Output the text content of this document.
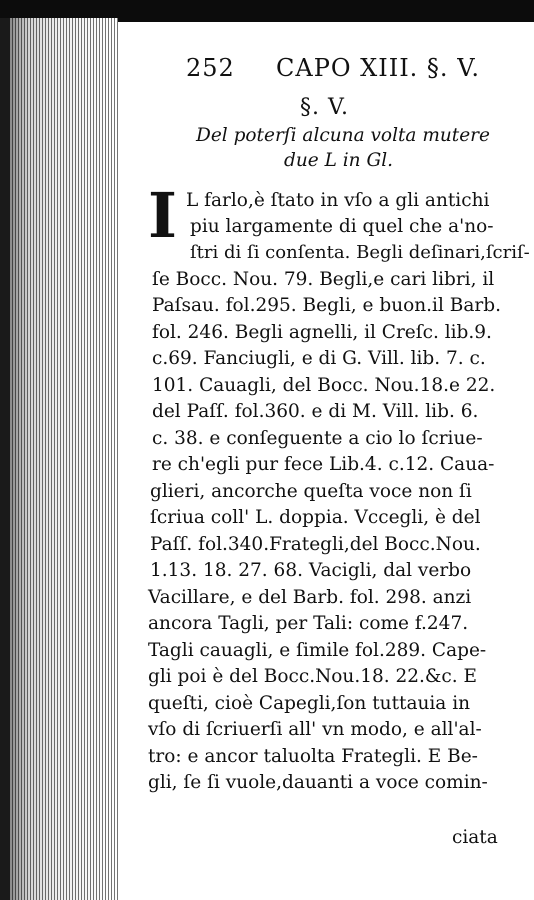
252 CAPO XIII. §. V.
§. V.
Del poterſi alcuna volta mutere
due L in Gl.
I L farlo,è ſtato in vſo a gli antichi
piu largamente di quel che a'no-
ſtri di ſi conſenta. Begli deſinari,ſcriſ-
ſe Bocc. Nou. 79. Begli,e cari libri, il
Paſsau. fol.295. Begli, e buon.il Barb.
fol. 246. Begli agnelli, il Creſc. lib.9.
c.69. Fanciugli, e di G. Vill. lib. 7. c.
101. Cauagli, del Bocc. Nou.18.e 22.
del Paſſ. fol.360. e di M. Vill. lib. 6.
c. 38. e conſeguente a cio lo ſcriue-
re ch'egli pur fece Lib.4. c.12. Caua-
glieri, ancorche queſta voce non ſi
ſcriua coll' L. doppia. Vccegli, è del
Paſſ. fol.340.Frategli,del Bocc.Nou.
1.13. 18. 27. 68. Vacigli, dal verbo
Vacillare, e del Barb. fol. 298. anzi
ancora Tagli, per Tali: come f.247.
Tagli cauagli, e ſimile fol.289. Cape-
gli poi è del Bocc.Nou.18. 22.&c. E
queſti, cioè Capegli,ſon tuttauia in
vſo di ſcriuerſi all' vn modo, e all'al-
tro: e ancor taluolta Frategli. E Be-
gli, ſe ſi vuole,dauanti a voce comin-
ciata
